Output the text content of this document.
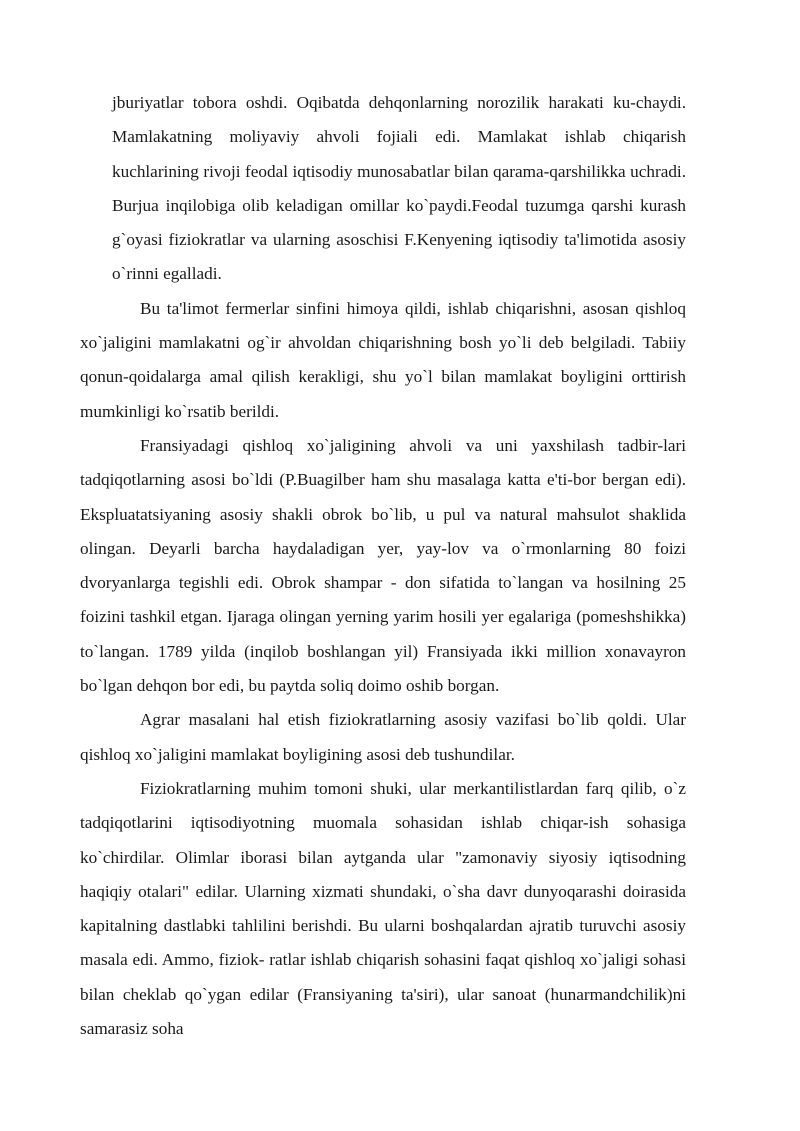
jburiyatlar tobora oshdi. Oqibatda dehqonlarning norozilik harakati ku-chaydi. Mamlakatning moliyaviy ahvoli fojiali edi. Mamlakat ishlab chiqarish kuchlarining rivoji feodal iqtisodiy munosabatlar bilan qarama-qarshilikka uchradi. Burjua inqilobiga olib keladigan omillar ko`paydi.Feodal tuzumga qarshi kurash g`oyasi fiziokratlar va ularning asoschisi F.Kenyening iqtisodiy ta'limotida asosiy o`rinni egalladi.

Bu ta'limot fermerlar sinfini himoya qildi, ishlab chiqarishni, asosan qishloq xo`jaligini mamlakatni og`ir ahvoldan chiqarishning bosh yo`li deb belgiladi. Tabiiy qonun-qoidalarga amal qilish kerakligi, shu yo`l bilan mamlakat boyligini orttirish mumkinligi ko`rsatib berildi.

Fransiyadagi qishloq xo`jaligining ahvoli va uni yaxshilash tadbir-lari tadqiqotlarning asosi bo`ldi (P.Buagilber ham shu masalaga katta e'ti-bor bergan edi). Ekspluatatsiyaning asosiy shakli obrok bo`lib, u pul va natural mahsulot shaklida olingan. Deyarli barcha haydaladigan yer, yay-lov va o`rmonlarning 80 foizi dvoryanlarga tegishli edi. Obrok shampar - don sifatida to`langan va hosilning 25 foizini tashkil etgan. Ijaraga olingan yerning yarim hosili yer egalariga (pomeshshikka) to`langan. 1789 yilda (inqilob boshlangan yil) Fransiyada ikki million xonavayron bo`lgan dehqon bor edi, bu paytda soliq doimo oshib borgan.

Agrar masalani hal etish fiziokratlarning asosiy vazifasi bo`lib qoldi. Ular qishloq xo`jaligini mamlakat boyligining asosi deb tushundilar.

Fiziokratlarning muhim tomoni shuki, ular merkantilistlardan farq qilib, o`z tadqiqotlarini iqtisodiyotning muomala sohasidan ishlab chiqar-ish sohasiga ko`chirdilar. Olimlar iborasi bilan aytganda ular "zamonaviy siyosiy iqtisodning haqiqiy otalari" edilar. Ularning xizmati shundaki, o`sha davr dunyoqarashi doirasida kapitalning dastlabki tahlilini berishdi. Bu ularni boshqalardan ajratib turuvchi asosiy masala edi. Ammo, fiziok- ratlar ishlab chiqarish sohasini faqat qishloq xo`jaligi sohasi bilan cheklab qo`ygan edilar (Fransiyaning ta'siri), ular sanoat (hunarmandchilik)ni samarasiz soha
